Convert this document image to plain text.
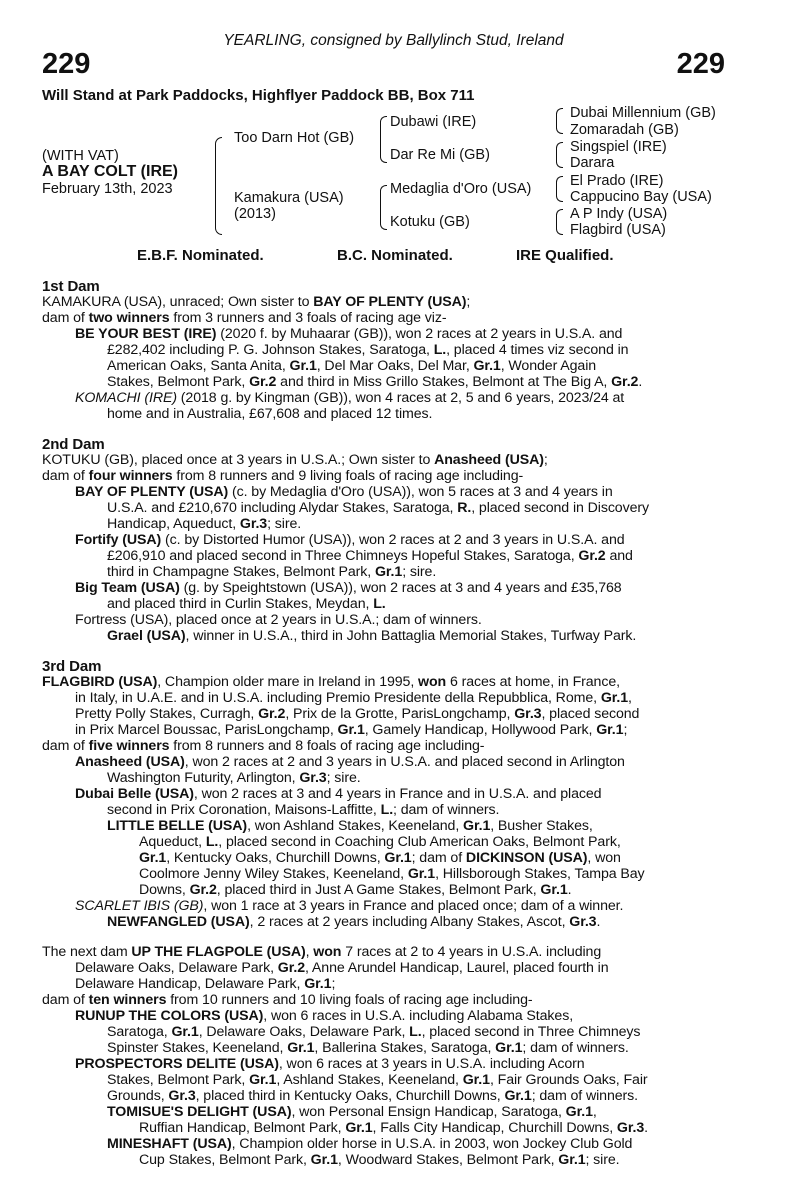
YEARLING, consigned by Ballylinch Stud, Ireland
229	229
Will Stand at Park Paddocks, Highflyer Paddock BB, Box 711
(WITH VAT)
A BAY COLT (IRE)
February 13th, 2023
Too Darn Hot (GB)
Kamakura (USA)
(2013)
Dubawi (IRE)
Dar Re Mi (GB)
Medaglia d'Oro (USA)
Kotuku (GB)
Dubai Millennium (GB)
Zomaradah (GB)
Singspiel (IRE)
Darara
El Prado (IRE)
Cappucino Bay (USA)
A P Indy (USA)
Flagbird (USA)
E.B.F. Nominated.	B.C. Nominated.	IRE Qualified.
1st Dam
KAMAKURA (USA), unraced; Own sister to BAY OF PLENTY (USA);
dam of two winners from 3 runners and 3 foals of racing age viz-
BE YOUR BEST (IRE) (2020 f. by Muhaarar (GB)), won 2 races at 2 years in U.S.A. and
£282,402 including P. G. Johnson Stakes, Saratoga, L., placed 4 times viz second in
American Oaks, Santa Anita, Gr.1, Del Mar Oaks, Del Mar, Gr.1, Wonder Again
Stakes, Belmont Park, Gr.2 and third in Miss Grillo Stakes, Belmont at The Big A, Gr.2.
KOMACHI (IRE) (2018 g. by Kingman (GB)), won 4 races at 2, 5 and 6 years, 2023/24 at
home and in Australia, £67,608 and placed 12 times.
2nd Dam
KOTUKU (GB), placed once at 3 years in U.S.A.; Own sister to Anasheed (USA);
dam of four winners from 8 runners and 9 living foals of racing age including-
BAY OF PLENTY (USA) (c. by Medaglia d'Oro (USA)), won 5 races at 3 and 4 years in
U.S.A. and £210,670 including Alydar Stakes, Saratoga, R., placed second in Discovery
Handicap, Aqueduct, Gr.3; sire.
Fortify (USA) (c. by Distorted Humor (USA)), won 2 races at 2 and 3 years in U.S.A. and
£206,910 and placed second in Three Chimneys Hopeful Stakes, Saratoga, Gr.2 and
third in Champagne Stakes, Belmont Park, Gr.1; sire.
Big Team (USA) (g. by Speightstown (USA)), won 2 races at 3 and 4 years and £35,768
and placed third in Curlin Stakes, Meydan, L.
Fortress (USA), placed once at 2 years in U.S.A.; dam of winners.
Grael (USA), winner in U.S.A., third in John Battaglia Memorial Stakes, Turfway Park.
3rd Dam
FLAGBIRD (USA), Champion older mare in Ireland in 1995, won 6 races at home, in France,
in Italy, in U.A.E. and in U.S.A. including Premio Presidente della Repubblica, Rome, Gr.1,
Pretty Polly Stakes, Curragh, Gr.2, Prix de la Grotte, ParisLongchamp, Gr.3, placed second
in Prix Marcel Boussac, ParisLongchamp, Gr.1, Gamely Handicap, Hollywood Park, Gr.1;
dam of five winners from 8 runners and 8 foals of racing age including-
Anasheed (USA), won 2 races at 2 and 3 years in U.S.A. and placed second in Arlington
Washington Futurity, Arlington, Gr.3; sire.
Dubai Belle (USA), won 2 races at 3 and 4 years in France and in U.S.A. and placed
second in Prix Coronation, Maisons-Laffitte, L.; dam of winners.
LITTLE BELLE (USA), won Ashland Stakes, Keeneland, Gr.1, Busher Stakes,
Aqueduct, L., placed second in Coaching Club American Oaks, Belmont Park,
Gr.1, Kentucky Oaks, Churchill Downs, Gr.1; dam of DICKINSON (USA), won
Coolmore Jenny Wiley Stakes, Keeneland, Gr.1, Hillsborough Stakes, Tampa Bay
Downs, Gr.2, placed third in Just A Game Stakes, Belmont Park, Gr.1.
SCARLET IBIS (GB), won 1 race at 3 years in France and placed once; dam of a winner.
NEWFANGLED (USA), 2 races at 2 years including Albany Stakes, Ascot, Gr.3.
The next dam UP THE FLAGPOLE (USA), won 7 races at 2 to 4 years in U.S.A. including
Delaware Oaks, Delaware Park, Gr.2, Anne Arundel Handicap, Laurel, placed fourth in
Delaware Handicap, Delaware Park, Gr.1;
dam of ten winners from 10 runners and 10 living foals of racing age including-
RUNUP THE COLORS (USA), won 6 races in U.S.A. including Alabama Stakes,
Saratoga, Gr.1, Delaware Oaks, Delaware Park, L., placed second in Three Chimneys
Spinster Stakes, Keeneland, Gr.1, Ballerina Stakes, Saratoga, Gr.1; dam of winners.
PROSPECTORS DELITE (USA), won 6 races at 3 years in U.S.A. including Acorn
Stakes, Belmont Park, Gr.1, Ashland Stakes, Keeneland, Gr.1, Fair Grounds Oaks, Fair
Grounds, Gr.3, placed third in Kentucky Oaks, Churchill Downs, Gr.1; dam of winners.
TOMISUE'S DELIGHT (USA), won Personal Ensign Handicap, Saratoga, Gr.1,
Ruffian Handicap, Belmont Park, Gr.1, Falls City Handicap, Churchill Downs, Gr.3.
MINESHAFT (USA), Champion older horse in U.S.A. in 2003, won Jockey Club Gold
Cup Stakes, Belmont Park, Gr.1, Woodward Stakes, Belmont Park, Gr.1; sire.
